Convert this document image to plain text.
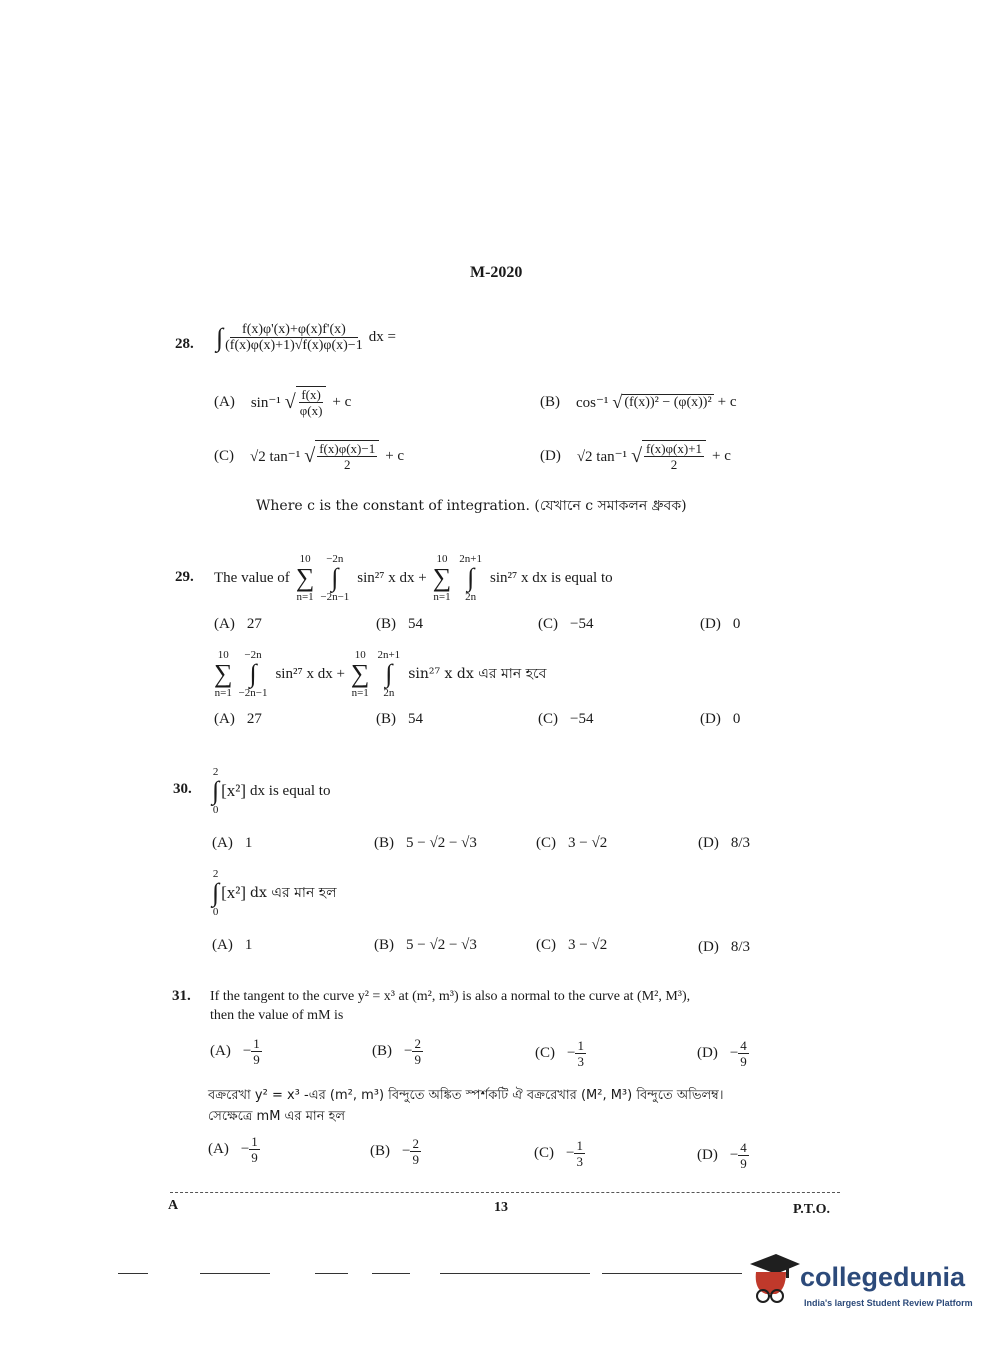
M-2020
28. ∫ $\frac{f(x)\varphi'(x)+\varphi(x)f'(x)}{(f(x)\varphi(x)+1)√f(x)\varphi(x)-1}$ dx =
(A) sin⁻¹ √ $\frac{f(x)}{\varphi(x)} + c$	(B) cos⁻¹ √ (f(x))² − (φ(x))² + c
(C) √2 tan⁻¹ √ $\frac{f(x)\varphi(x)-1}{2} + c$	(D) √2 tan⁻¹ √ $\frac{f(x)\varphi(x)+1}{2} + c$
Where c is the constant of integration. (যেখানে c সমাকলন ধ্রুবক)
29. The value of
10
∑
n=1
−2n
∫
−2n−1
sin²⁷ x dx +
10
∑
n=1
2n+1
∫
2n
sin²⁷ x dx is equal to
(A) 27	(B) 54	(C) −54	(D) 0
10
∑
n=1
−2n
∫
−2n−1
sin²⁷ x dx +
10
∑
n=1
2n+1
∫
2n
sin²⁷ x dx এর মান হবে
(A) 27	(B) 54	(C) −54	(D) 0
30.
2
∫
0
[x²] dx is equal to
(A) 1	(B) 5 − √2 − √3	(C) 3 − √2	(D) 8/3
2
∫
0
[x²] dx এর মান হল
(A) 1	(B) 5 − √2 − √3	(C) 3 − √2	(D) 8/3
31. If the tangent to the curve y² = x³ at (m², m³) is also a normal to the curve at (M², M³),
then the value of mM is
$(A) - \frac{1}{9}$	$(B) - \frac{2}{9}$	$(C) - \frac{1}{3}$	$(D) - \frac{4}{9}$
বক্ররেখা y² = x³ -এর (m², m³) বিন্দুতে অঙ্কিত স্পর্শকটি ঐ বক্ররেখার (M², M³) বিন্দুতে অভিলম্ব।
সেক্ষেত্রে mM এর মান হল
$(A) - \frac{1}{9}$	$(B) - \frac{2}{9}$	$(C) - \frac{1}{3}$	$(D) - \frac{4}{9}$
A	13	P.T.O.
collegedunia
India's largest Student Review Platform
